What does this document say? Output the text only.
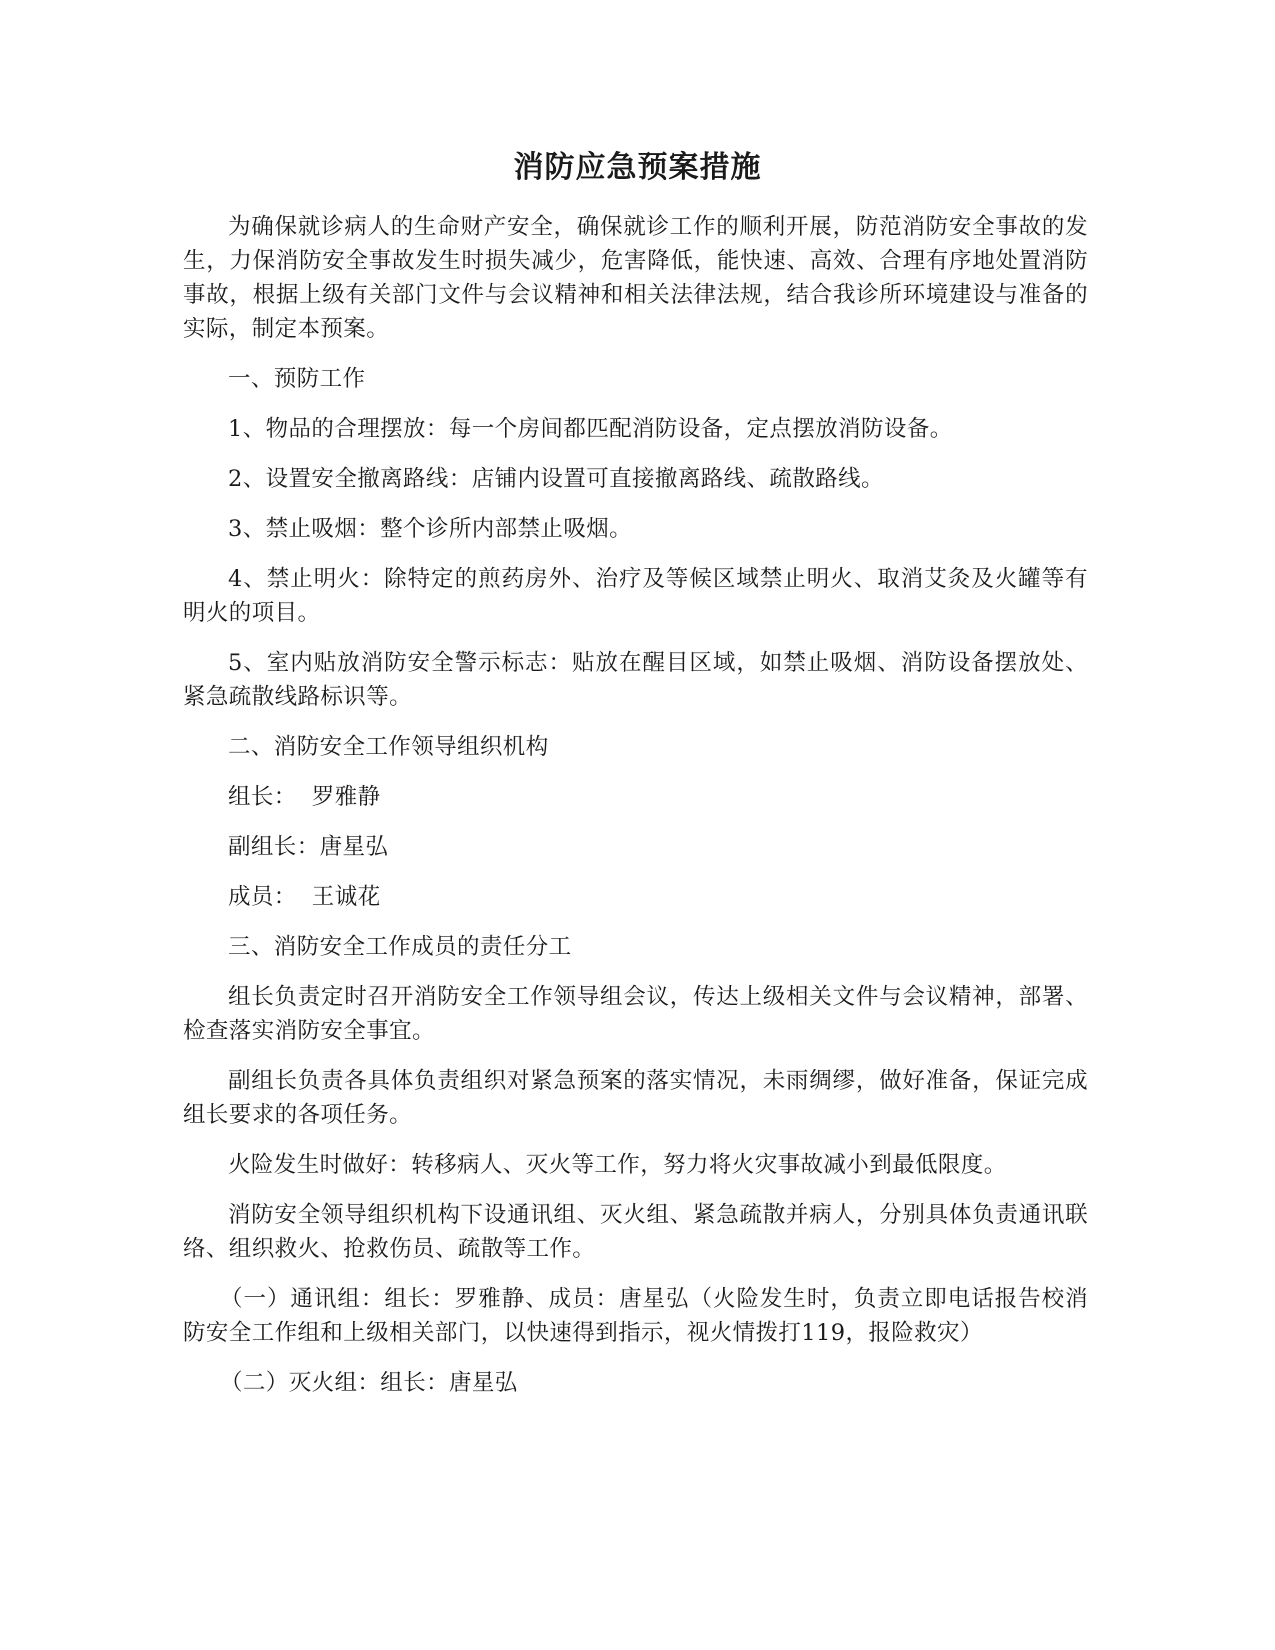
消防应急预案措施

为确保就诊病人的生命财产安全，确保就诊工作的顺利开展，防范消防安全事故的发生，力保消防安全事故发生时损失减少，危害降低，能快速、高效、合理有序地处置消防事故，根据上级有关部门文件与会议精神和相关法律法规，结合我诊所环境建设与准备的实际，制定本预案。

一、预防工作

1、物品的合理摆放：每一个房间都匹配消防设备，定点摆放消防设备。

2、设置安全撤离路线：店铺内设置可直接撤离路线、疏散路线。

3、禁止吸烟：整个诊所内部禁止吸烟。

4、禁止明火：除特定的煎药房外、治疗及等候区域禁止明火、取消艾灸及火罐等有明火的项目。

5、室内贴放消防安全警示标志：贴放在醒目区域，如禁止吸烟、消防设备摆放处、紧急疏散线路标识等。

二、消防安全工作领导组织机构

组长：  罗雅静

副组长：唐星弘

成员：  王诚花

三、消防安全工作成员的责任分工

组长负责定时召开消防安全工作领导组会议，传达上级相关文件与会议精神，部署、检查落实消防安全事宜。

副组长负责各具体负责组织对紧急预案的落实情况，未雨绸缪，做好准备，保证完成组长要求的各项任务。

火险发生时做好：转移病人、灭火等工作，努力将火灾事故减小到最低限度。

消防安全领导组织机构下设通讯组、灭火组、紧急疏散并病人，分别具体负责通讯联络、组织救火、抢救伤员、疏散等工作。

（一）通讯组：组长：罗雅静、成员：唐星弘（火险发生时，负责立即电话报告校消防安全工作组和上级相关部门，以快速得到指示，视火情拨打119，报险救灾）

（二）灭火组：组长：唐星弘
